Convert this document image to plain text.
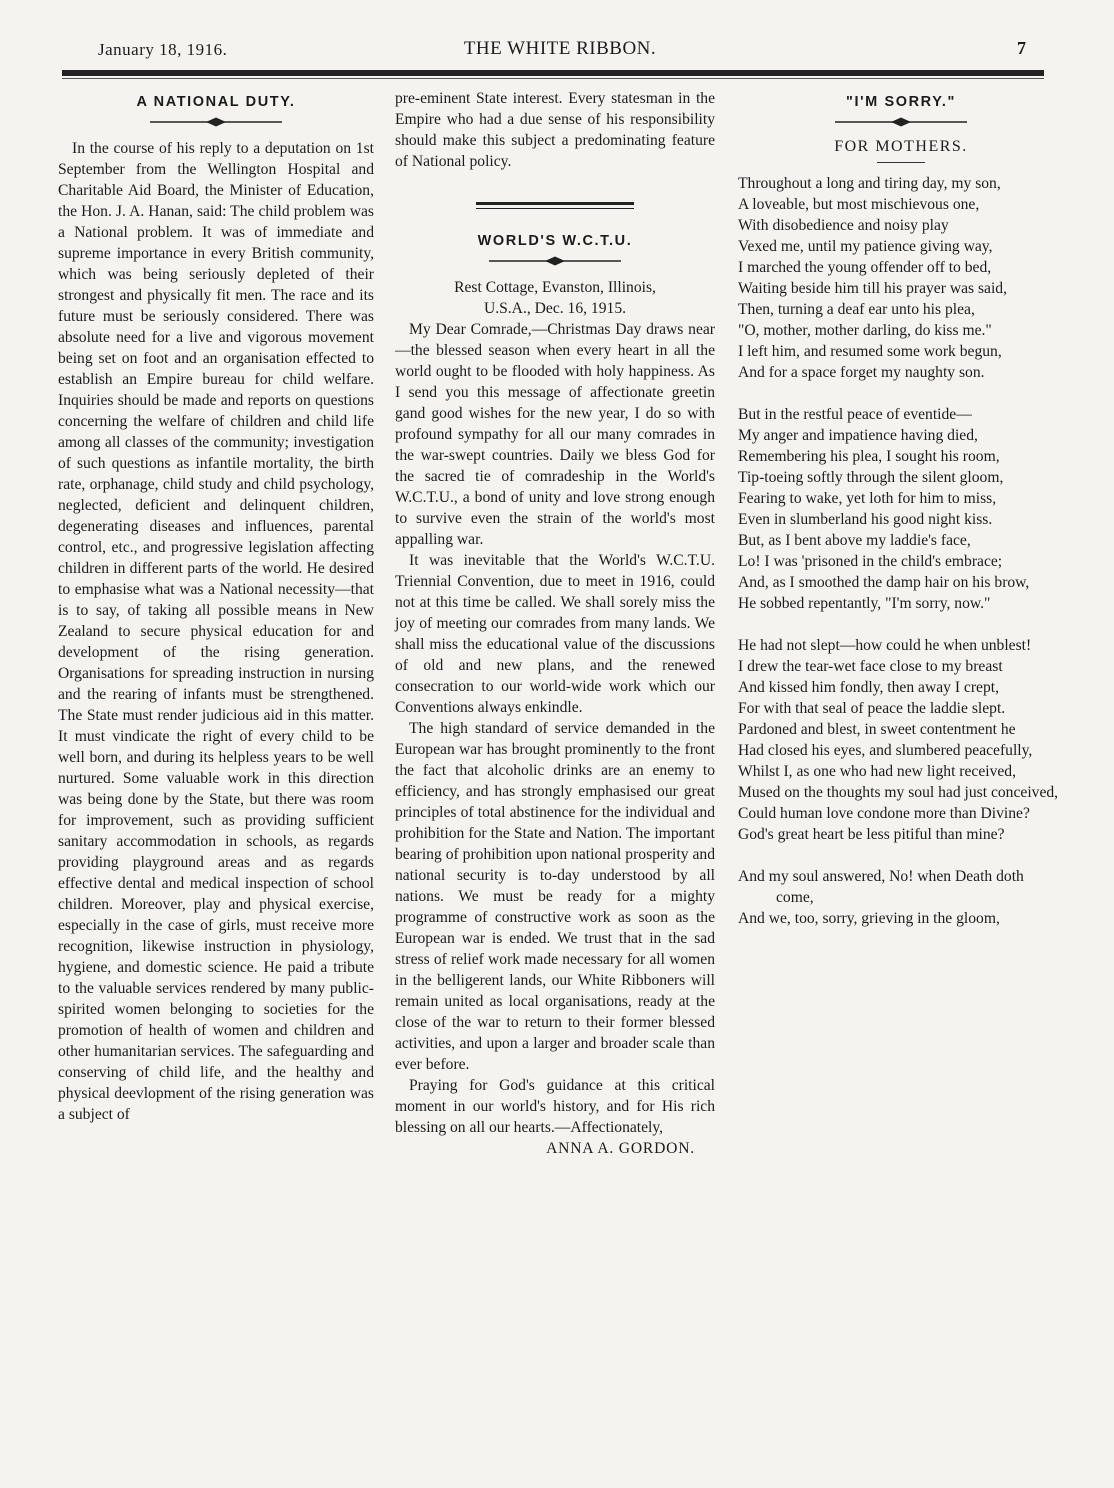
January 18, 1916.	THE WHITE RIBBON.	7
A NATIONAL DUTY.

In the course of his reply to a deputation on 1st September from the Wellington Hospital and Charitable Aid Board, the Minister of Education, the Hon. J. A. Hanan, said: The child problem was a National problem. It was of immediate and supreme importance in every British community, which was being seriously depleted of their strongest and physically fit men. The race and its future must be seriously considered. There was absolute need for a live and vigorous movement being set on foot and an organisation effected to establish an Empire bureau for child welfare. Inquiries should be made and reports on questions concerning the welfare of children and child life among all classes of the community; investigation of such questions as infantile mortality, the birth rate, orphanage, child study and child psychology, neglected, deficient and delinquent children, degenerating diseases and influences, parental control, etc., and progressive legislation affecting children in different parts of the world. He desired to emphasise what was a National necessity—that is to say, of taking all possible means in New Zealand to secure physical education for and development of the rising generation. Organisations for spreading instruction in nursing and the rearing of infants must be strengthened. The State must render judicious aid in this matter. It must vindicate the right of every child to be well born, and during its helpless years to be well nurtured. Some valuable work in this direction was being done by the State, but there was room for improvement, such as providing sufficient sanitary accommodation in schools, as regards providing playground areas and as regards effective dental and medical inspection of school children. Moreover, play and physical exercise, especially in the case of girls, must receive more recognition, likewise instruction in physiology, hygiene, and domestic science. He paid a tribute to the valuable services rendered by many public-spirited women belonging to societies for the promotion of health of women and children and other humanitarian services. The safeguarding and conserving of child life, and the healthy and physical deevlopment of the rising generation was a subject of

pre-eminent State interest. Every statesman in the Empire who had a due sense of his responsibility should make this subject a predominating feature of National policy.

WORLD'S W.C.T.U.

Rest Cottage, Evanston, Illinois,

U.S.A., Dec. 16, 1915.

My Dear Comrade,—Christmas Day draws near—the blessed season when every heart in all the world ought to be flooded with holy happiness. As I send you this message of affectionate greetin gand good wishes for the new year, I do so with profound sympathy for all our many comrades in the war-swept countries. Daily we bless God for the sacred tie of comradeship in the World's W.C.T.U., a bond of unity and love strong enough to survive even the strain of the world's most appalling war.

It was inevitable that the World's W.C.T.U. Triennial Convention, due to meet in 1916, could not at this time be called. We shall sorely miss the joy of meeting our comrades from many lands. We shall miss the educational value of the discussions of old and new plans, and the renewed consecration to our world-wide work which our Conventions always enkindle.

The high standard of service demanded in the European war has brought prominently to the front the fact that alcoholic drinks are an enemy to efficiency, and has strongly emphasised our great principles of total abstinence for the individual and prohibition for the State and Nation. The important bearing of prohibition upon national prosperity and national security is to-day understood by all nations. We must be ready for a mighty programme of constructive work as soon as the European war is ended. We trust that in the sad stress of relief work made necessary for all women in the belligerent lands, our White Ribboners will remain united as local organisations, ready at the close of the war to return to their former blessed activities, and upon a larger and broader scale than ever before.

Praying for God's guidance at this critical moment in our world's history, and for His rich blessing on all our hearts.—Affectionately,

ANNA A. GORDON.

"I'M SORRY."
FOR MOTHERS.

Throughout a long and tiring day, my son,

A loveable, but most mischievous one,

With disobedience and noisy play

Vexed me, until my patience giving way,

I marched the young offender off to bed,

Waiting beside him till his prayer was said,

Then, turning a deaf ear unto his plea,

"O, mother, mother darling, do kiss me."

I left him, and resumed some work begun,

And for a space forget my naughty son.

But in the restful peace of eventide—

My anger and impatience having died,

Remembering his plea, I sought his room,

Tip-toeing softly through the silent gloom,

Fearing to wake, yet loth for him to miss,

Even in slumberland his good night kiss.

But, as I bent above my laddie's face,

Lo! I was 'prisoned in the child's embrace;

And, as I smoothed the damp hair on his brow,

He sobbed repentantly, "I'm sorry, now."

He had not slept—how could he when unblest!

I drew the tear-wet face close to my breast

And kissed him fondly, then away I crept,

For with that seal of peace the laddie slept.

Pardoned and blest, in sweet contentment he

Had closed his eyes, and slumbered peacefully,

Whilst I, as one who had new light received,

Mused on the thoughts my soul had just conceived,

Could human love condone more than Divine?

God's great heart be less pitiful than mine?

And my soul answered, No! when Death doth come,

And we, too, sorry, grieving in the gloom,
